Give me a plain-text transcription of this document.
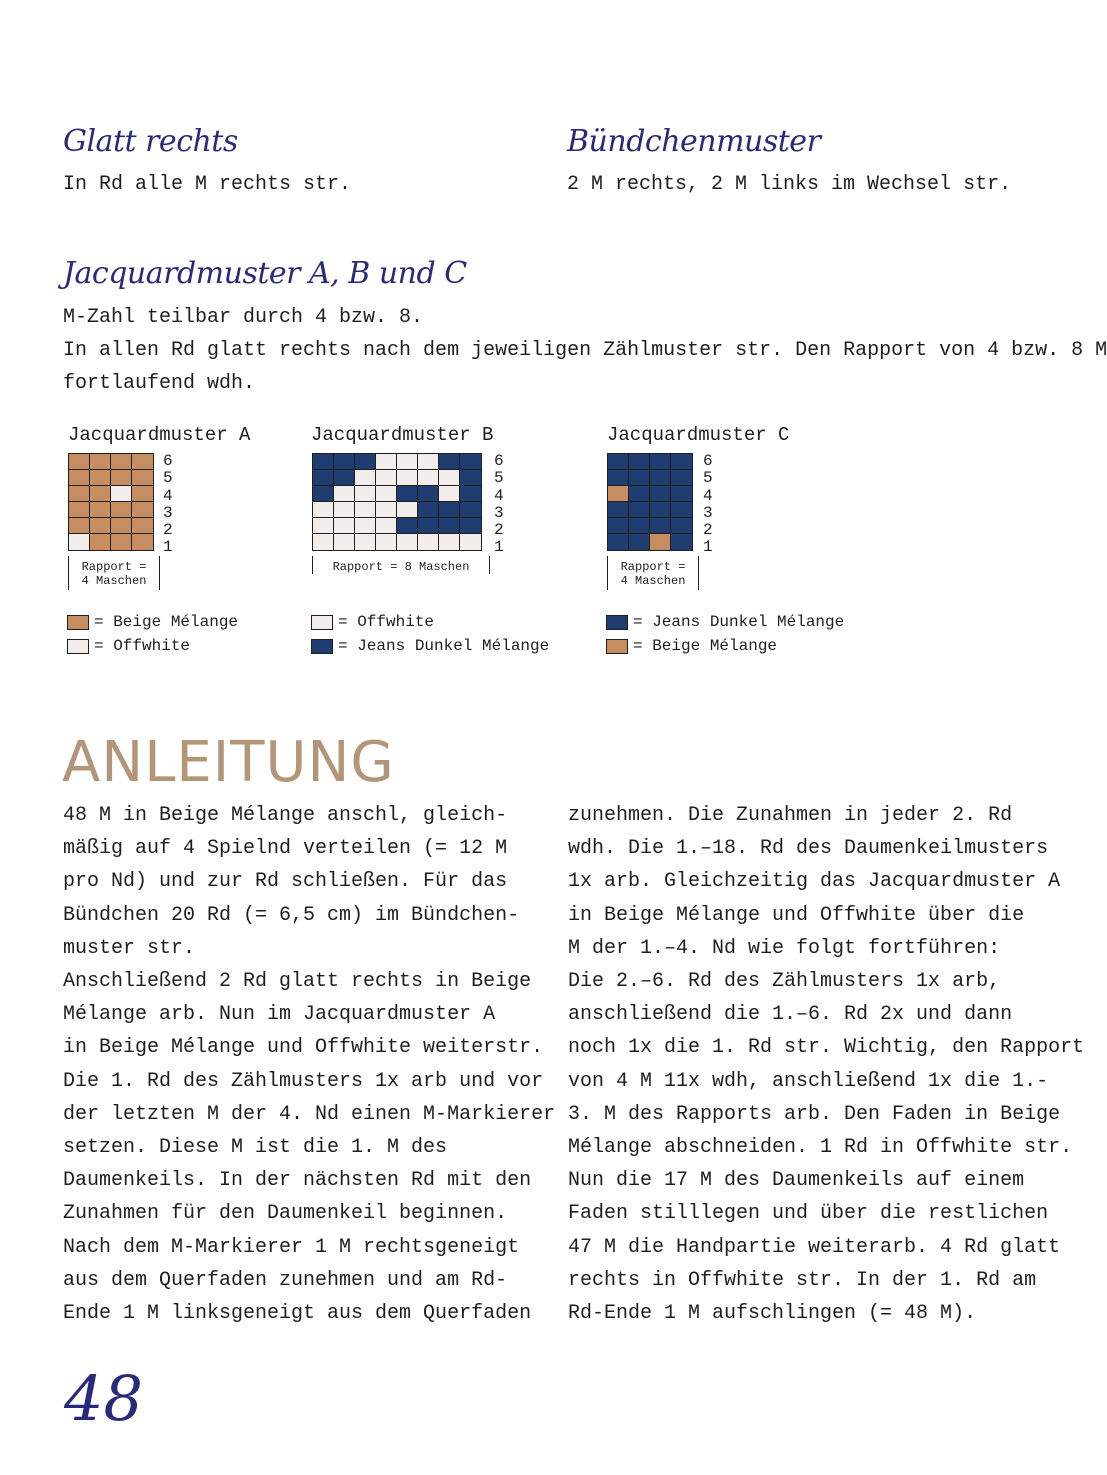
Glatt rechts
In Rd alle M rechts str.
Bündchenmuster
2 M rechts, 2 M links im Wechsel str.
Jacquardmuster A, B und C
M-Zahl teilbar durch 4 bzw. 8.
In allen Rd glatt rechts nach dem jeweiligen Zählmuster str. Den Rapport von 4 bzw. 8 M
fortlaufend wdh.
Jacquardmuster A
6
5
4
3
2
1
Rapport =
4 Maschen
= Beige Mélange
= Offwhite
Jacquardmuster B
6
5
4
3
2
1
Rapport = 8 Maschen
= Offwhite
= Jeans Dunkel Mélange
Jacquardmuster C
6
5
4
3
2
1
Rapport =
4 Maschen
= Jeans Dunkel Mélange
= Beige Mélange
ANLEITUNG
48 M in Beige Mélange anschl, gleich-
mäßig auf 4 Spielnd verteilen (= 12 M
pro Nd) und zur Rd schließen. Für das
Bündchen 20 Rd (= 6,5 cm) im Bündchen-
muster str.
Anschließend 2 Rd glatt rechts in Beige
Mélange arb. Nun im Jacquardmuster A
in Beige Mélange und Offwhite weiterstr.
Die 1. Rd des Zählmusters 1x arb und vor
der letzten M der 4. Nd einen M-Markierer
setzen. Diese M ist die 1. M des
Daumenkeils. In der nächsten Rd mit den
Zunahmen für den Daumenkeil beginnen.
Nach dem M-Markierer 1 M rechtsgeneigt
aus dem Querfaden zunehmen und am Rd-
Ende 1 M linksgeneigt aus dem Querfaden
zunehmen. Die Zunahmen in jeder 2. Rd
wdh. Die 1.–18. Rd des Daumenkeilmusters
1x arb. Gleichzeitig das Jacquardmuster A
in Beige Mélange und Offwhite über die
M der 1.–4. Nd wie folgt fortführen:
Die 2.–6. Rd des Zählmusters 1x arb,
anschließend die 1.–6. Rd 2x und dann
noch 1x die 1. Rd str. Wichtig, den Rapport
von 4 M 11x wdh, anschließend 1x die 1.-
3. M des Rapports arb. Den Faden in Beige
Mélange abschneiden. 1 Rd in Offwhite str.
Nun die 17 M des Daumenkeils auf einem
Faden stilllegen und über die restlichen
47 M die Handpartie weiterarb. 4 Rd glatt
rechts in Offwhite str. In der 1. Rd am
Rd-Ende 1 M aufschlingen (= 48 M).
48
